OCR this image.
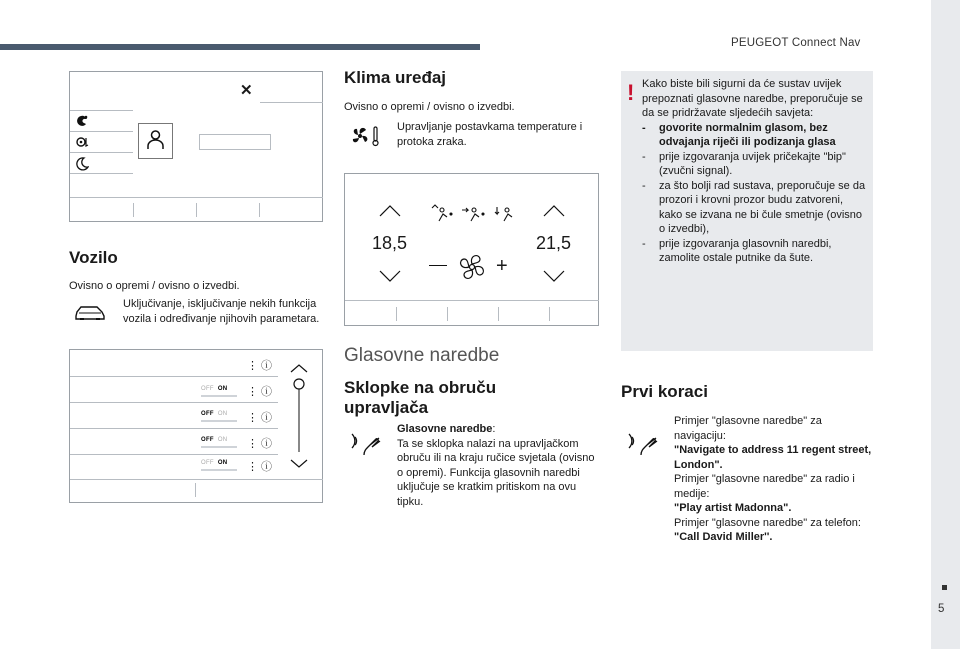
PEUGEOT Connect Nav
5
✕
Vozilo
Ovisno o opremi / ovisno o izvedbi.
Uključivanje, isključivanje nekih funkcija vozila i određivanje njihovih parametara.
⋮ ⓘ
⋮ ⓘ
⋮ ⓘ
⋮ ⓘ
⋮ ⓘ
OFF ON
OFF ON
OFF ON
OFF ON
Klima uređaj
Ovisno o opremi / ovisno o izvedbi.
Upravljanje postavkama temperature i protoka zraka.
18,5	21,5
+
Glasovne naredbe
Sklopke na obruču upravljača
Glasovne naredbe:
Ta se sklopka nalazi na upravljačkom obruču ili na kraju ručice svjetala (ovisno o opremi). Funkcija glasovnih naredbi uključuje se kratkim pritiskom na ovu tipku.
! Kako biste bili sigurni da će sustav uvijek prepoznati glasovne naredbe, preporučuje se da se pridržavate sljedećih savjeta:
- govorite normalnim glasom, bez odvajanja riječi ili podizanja glasa
- prije izgovaranja uvijek pričekajte "bip" (zvučni signal).
- za što bolji rad sustava, preporučuje se da prozori i krovni prozor budu zatvoreni, kako se izvana ne bi čule smetnje (ovisno o izvedbi),
- prije izgovaranja glasovnih naredbi, zamolite ostale putnike da šute.
Prvi koraci
Primjer "glasovne naredbe" za navigaciju:
"Navigate to address 11 regent street, London".
Primjer "glasovne naredbe" za radio i medije:
"Play artist Madonna".
Primjer "glasovne naredbe" za telefon:
"Call David Miller''.
